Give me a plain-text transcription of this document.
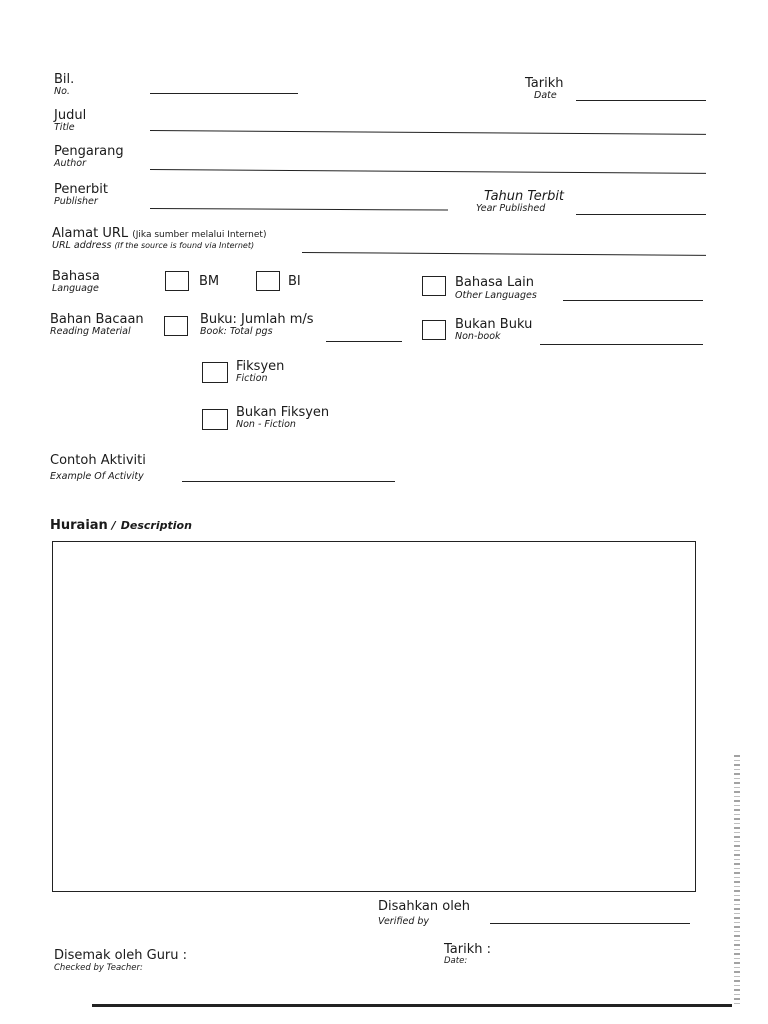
Bil.
No.
Tarikh
Date
Judul
Title
Pengarang
Author
Penerbit
Publisher	Tahun Terbit
Year Published
Alamat URL (Jika sumber melalui Internet)
URL address (If the source is found via Internet)
Bahasa
Language	BM	BI	Bahasa Lain
Other Languages
Bahan Bacaan
Reading Material
Buku: Jumlah m/s
Book: Total pgs	Bukan Buku
Non-book
Fiksyen
Fiction
Bukan Fiksyen
Non - Fiction
Contoh Aktiviti
Example Of Activity
Huraian / Description
Disahkan oleh
Verified by
Disemak oleh Guru :
Checked by Teacher:
Tarikh :
Date:
